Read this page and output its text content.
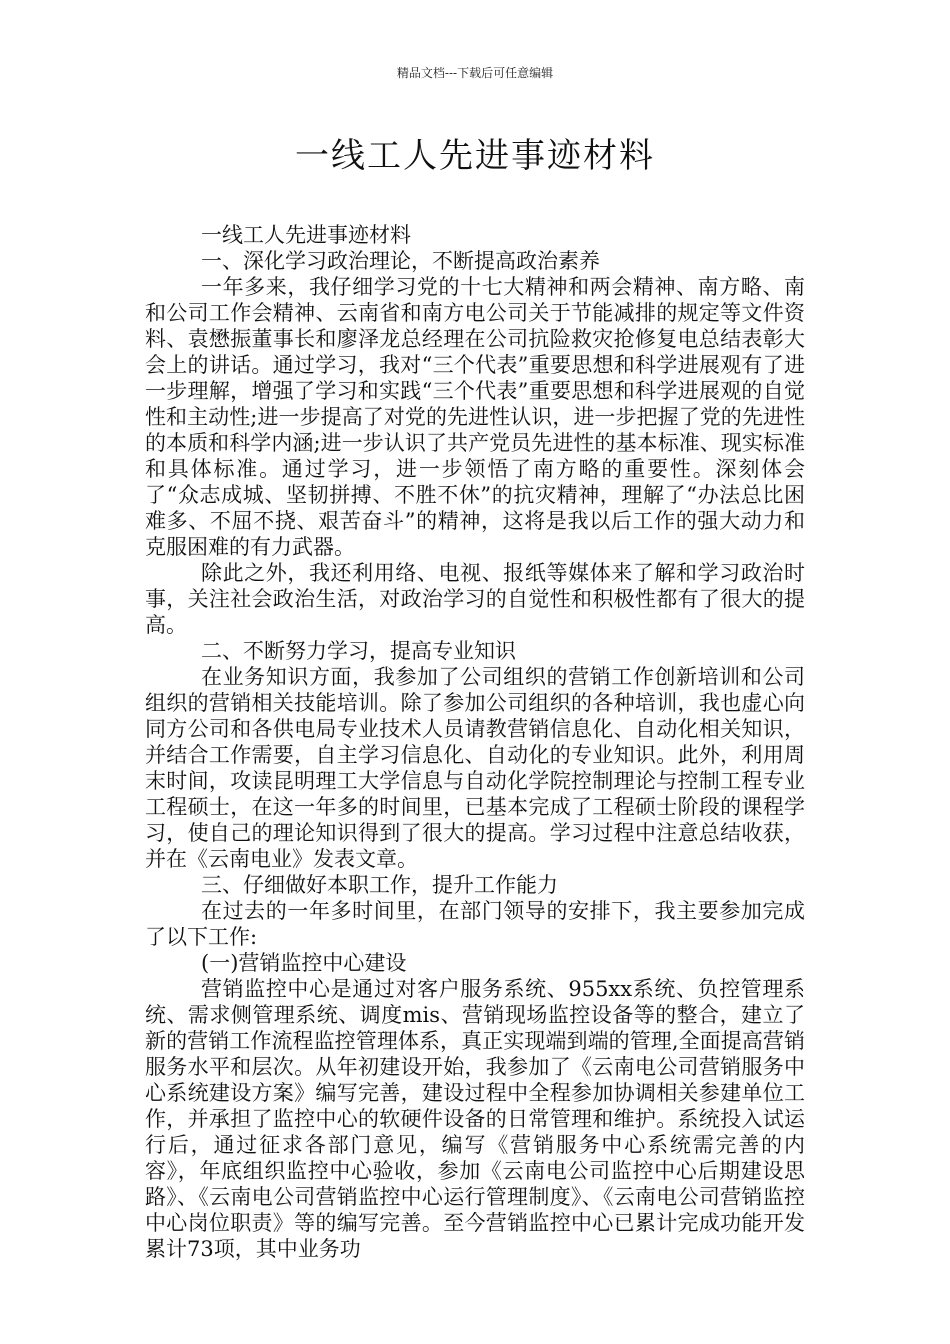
精品文档---下载后可任意编辑
一线工人先进事迹材料

一线工人先进事迹材料

一、深化学习政治理论，不断提高政治素养

一年多来，我仔细学习党的十七大精神和两会精神、南方略、南和公司工作会精神、云南省和南方电公司关于节能减排的规定等文件资料、袁懋振董事长和廖泽龙总经理在公司抗险救灾抢修复电总结表彰大会上的讲话。通过学习，我对“三个代表”重要思想和科学进展观有了进一步理解，增强了学习和实践“三个代表”重要思想和科学进展观的自觉性和主动性;进一步提高了对党的先进性认识，进一步把握了党的先进性的本质和科学内涵;进一步认识了共产党员先进性的基本标准、现实标准和具体标准。通过学习，进一步领悟了南方略的重要性。深刻体会了“众志成城、坚韧拼搏、不胜不休”的抗灾精神，理解了“办法总比困难多、不屈不挠、艰苦奋斗”的精神，这将是我以后工作的强大动力和克服困难的有力武器。

除此之外，我还利用络、电视、报纸等媒体来了解和学习政治时事，关注社会政治生活，对政治学习的自觉性和积极性都有了很大的提高。

二、不断努力学习，提高专业知识

在业务知识方面，我参加了公司组织的营销工作创新培训和公司组织的营销相关技能培训。除了参加公司组织的各种培训，我也虚心向同方公司和各供电局专业技术人员请教营销信息化、自动化相关知识，并结合工作需要，自主学习信息化、自动化的专业知识。此外，利用周末时间，攻读昆明理工大学信息与自动化学院控制理论与控制工程专业工程硕士，在这一年多的时间里，已基本完成了工程硕士阶段的课程学习，使自己的理论知识得到了很大的提高。学习过程中注意总结收获，并在《云南电业》发表文章。

三、仔细做好本职工作，提升工作能力

在过去的一年多时间里，在部门领导的安排下，我主要参加完成了以下工作:

(一)营销监控中心建设

营销监控中心是通过对客户服务系统、955xx系统、负控管理系统、需求侧管理系统、调度mis、营销现场监控设备等的整合，建立了新的营销工作流程监控管理体系，真正实现端到端的管理,全面提高营销服务水平和层次。从年初建设开始，我参加了《云南电公司营销服务中心系统建设方案》编写完善，建设过程中全程参加协调相关参建单位工作，并承担了监控中心的软硬件设备的日常管理和维护。系统投入试运行后，通过征求各部门意见，编写《营销服务中心系统需完善的内容》，年底组织监控中心验收，参加《云南电公司监控中心后期建设思路》、《云南电公司营销监控中心运行管理制度》、《云南电公司营销监控中心岗位职责》等的编写完善。至今营销监控中心已累计完成功能开发累计73项，其中业务功
